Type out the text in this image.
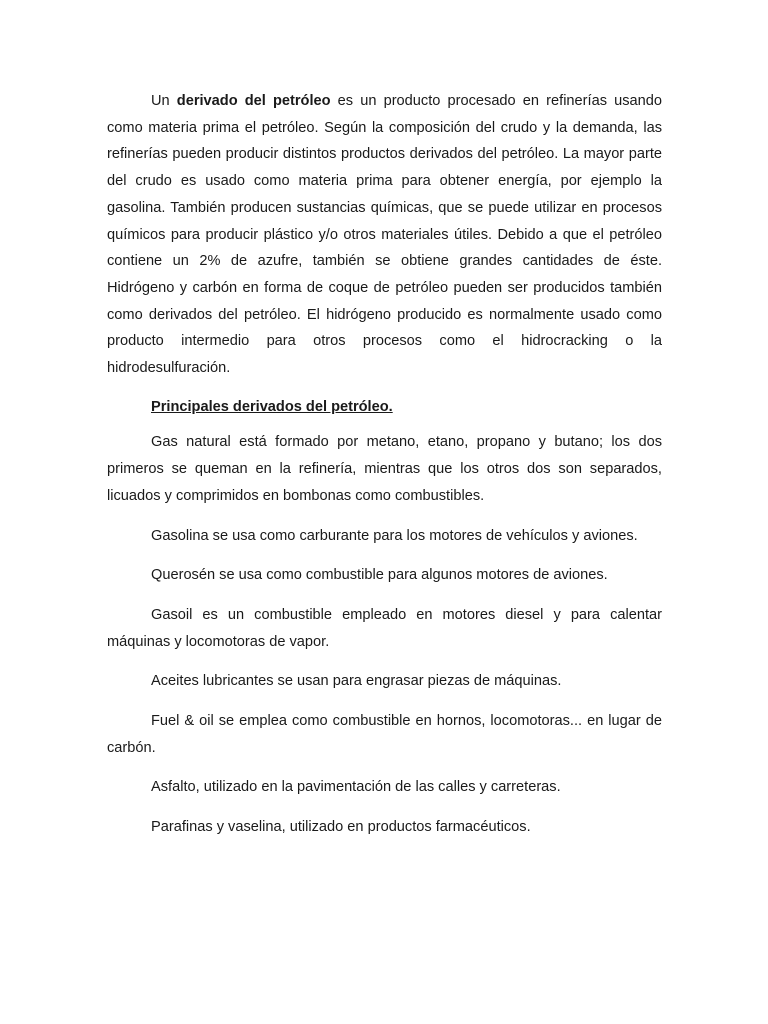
Un derivado del petróleo es un producto procesado en refinerías usando como materia prima el petróleo. Según la composición del crudo y la demanda, las refinerías pueden producir distintos productos derivados del petróleo. La mayor parte del crudo es usado como materia prima para obtener energía, por ejemplo la gasolina. También producen sustancias químicas, que se puede utilizar en procesos químicos para producir plástico y/o otros materiales útiles. Debido a que el petróleo contiene un 2% de azufre, también se obtiene grandes cantidades de éste. Hidrógeno y carbón en forma de coque de petróleo pueden ser producidos también como derivados del petróleo. El hidrógeno producido es normalmente usado como producto intermedio para otros procesos como el hidrocracking o la hidrodesulfuración.

Principales derivados del petróleo.

Gas natural está formado por metano, etano, propano y butano; los dos primeros se queman en la refinería, mientras que los otros dos son separados, licuados y comprimidos en bombonas como combustibles.

Gasolina se usa como carburante para los motores de vehículos y aviones.

Querosén se usa como combustible para algunos motores de aviones.

Gasoil es un combustible empleado en motores diesel y para calentar máquinas y locomotoras de vapor.

Aceites lubricantes se usan para engrasar piezas de máquinas.

Fuel & oil se emplea como combustible en hornos, locomotoras... en lugar de carbón.

Asfalto, utilizado en la pavimentación de las calles y carreteras.

Parafinas y vaselina, utilizado en productos farmacéuticos.
